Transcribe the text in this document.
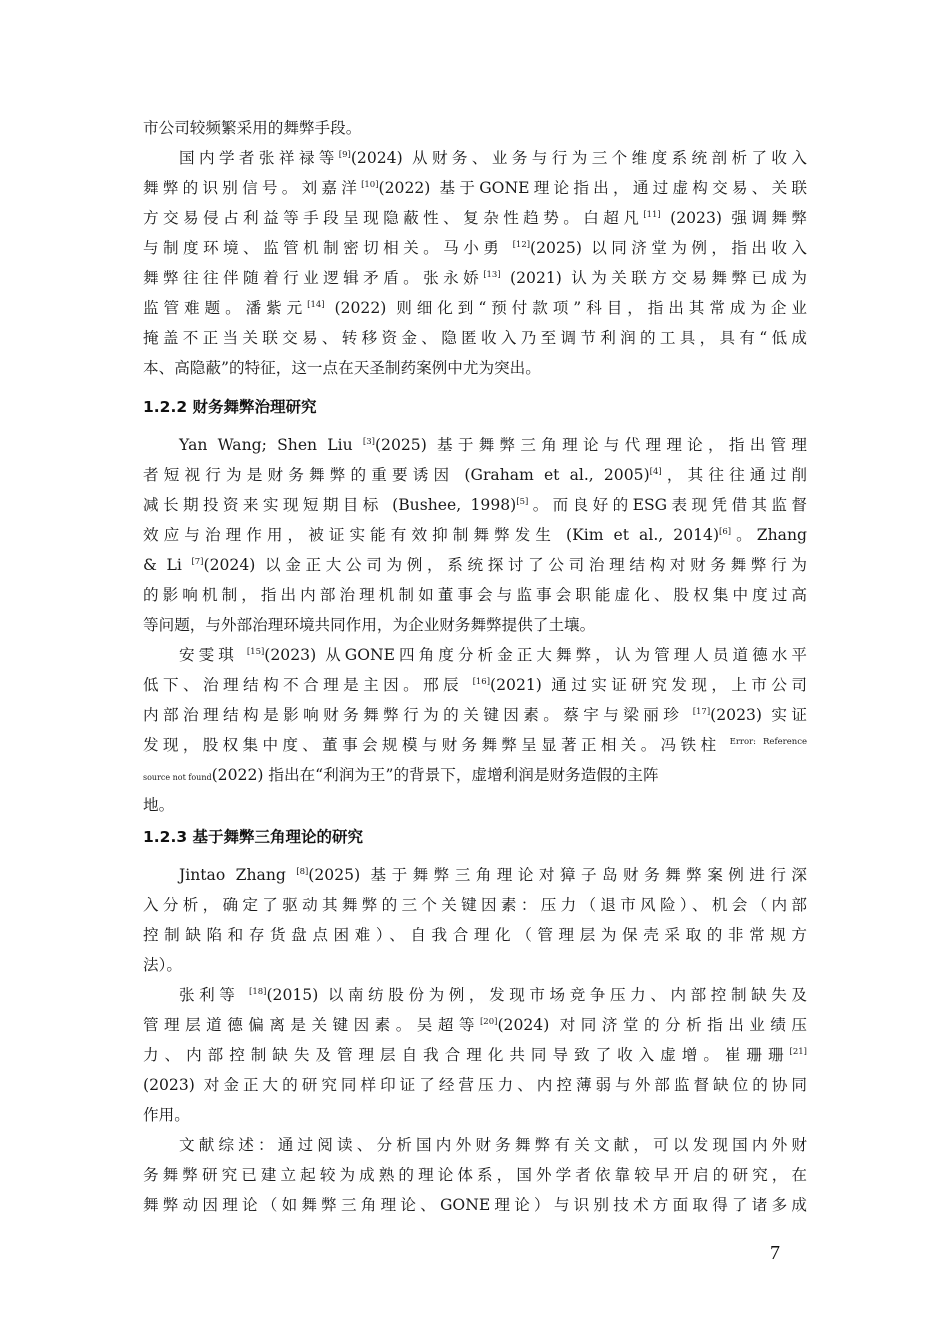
市公司较频繁采用的舞弊手段。
国内学者张祥禄等[9](2024) 从财务、业务与行为三个维度系统剖析了收入
舞弊的识别信号。刘嘉洋[10](2022) 基于GONE理论指出，通过虚构交易、关联
方交易侵占利益等手段呈现隐蔽性、复杂性趋势。白超凡[11] (2023) 强调舞弊
与制度环境、监管机制密切相关。马小勇 [12](2025) 以同济堂为例，指出收入
舞弊往往伴随着行业逻辑矛盾。张永娇[13] (2021) 认为关联方交易舞弊已成为
监管难题。潘紫元[14] (2022) 则细化到“预付款项”科目，指出其常成为企业
掩盖不正当关联交易、转移资金、隐匿收入乃至调节利润的工具，具有“低成
本、高隐蔽”的特征，这一点在天圣制药案例中尤为突出。
Yan Wang; Shen Liu [3](2025) 基于舞弊三角理论与代理理论，指出管理
者短视行为是财务舞弊的重要诱因 (Graham et al., 2005)[4]，其往往通过削
减长期投资来实现短期目标 (Bushee, 1998)[5]。而良好的ESG表现凭借其监督
效应与治理作用，被证实能有效抑制舞弊发生 (Kim et al., 2014)[6]。Zhang
& Li [7](2024) 以金正大公司为例，系统探讨了公司治理结构对财务舞弊行为
的影响机制，指出内部治理机制如董事会与监事会职能虚化、股权集中度过高
等问题，与外部治理环境共同作用，为企业财务舞弊提供了土壤。
安雯琪 [15](2023) 从GONE四角度分析金正大舞弊，认为管理人员道德水平
低下、治理结构不合理是主因。邢辰 [16](2021) 通过实证研究发现，上市公司
内部治理结构是影响财务舞弊行为的关键因素。蔡宇与梁丽珍 [17](2023) 实证
发现，股权集中度、董事会规模与财务舞弊呈显著正相关。冯铁柱 $^{Error: Reference}$
source not found(2022) 指出在“利润为王”的背景下，虚增利润是财务造假的主阵
地。
Jintao Zhang [8](2025) 基于舞弊三角理论对獐子岛财务舞弊案例进行深
入分析，确定了驱动其舞弊的三个关键因素：压力（退市风险）、机会（内部
控制缺陷和存货盘点困难）、自我合理化（管理层为保壳采取的非常规方
法）。
张利等 [18](2015) 以南纺股份为例，发现市场竞争压力、内部控制缺失及
管理层道德偏离是关键因素。吴超等[20](2024) 对同济堂的分析指出业绩压
力、内部控制缺失及管理层自我合理化共同导致了收入虚增。崔珊珊[21]
(2023) 对金正大的研究同样印证了经营压力、内控薄弱与外部监督缺位的协同
作用。
文献综述：通过阅读、分析国内外财务舞弊有关文献，可以发现国内外财
务舞弊研究已建立起较为成熟的理论体系，国外学者依靠较早开启的研究，在
舞弊动因理论（如舞弊三角理论、GONE理论）与识别技术方面取得了诸多成
1.2.2 财务舞弊治理研究
1.2.3 基于舞弊三角理论的研究
7
